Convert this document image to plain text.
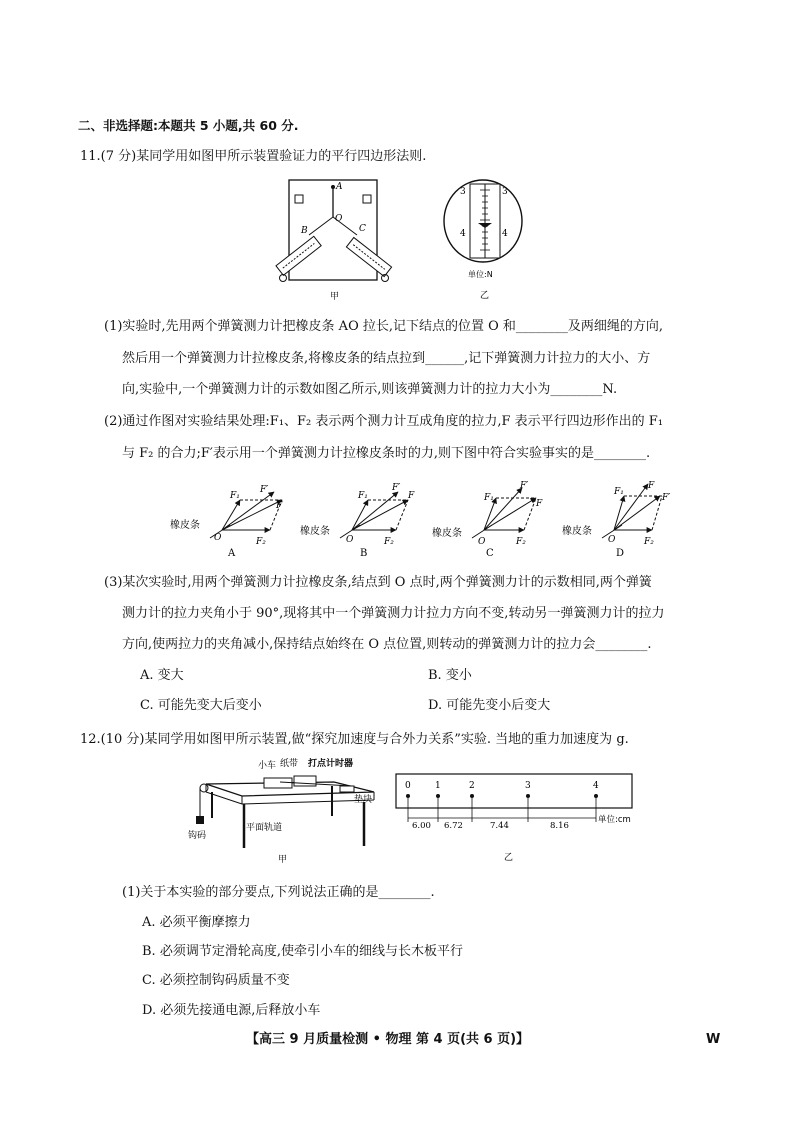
二、非选择题:本题共 5 小题,共 60 分.
11.(7 分)某同学用如图甲所示装置验证力的平行四边形法则.
A
O
B	C
甲
3	3
4	4
单位:N
乙
(1)实验时,先用两个弹簧测力计把橡皮条 AO 拉长,记下结点的位置 O 和________及两细绳的方向,
然后用一个弹簧测力计拉橡皮条,将橡皮条的结点拉到______,记下弹簧测力计拉力的大小、方
向,实验中,一个弹簧测力计的示数如图乙所示,则该弹簧测力计的拉力大小为________N.
(2)通过作图对实验结果处理:F₁、F₂ 表示两个测力计互成角度的拉力,F 表示平行四边形作出的 F₁
与 F₂ 的合力;F′表示用一个弹簧测力计拉橡皮条时的力,则下图中符合实验事实的是________.
橡皮条
F₁
F′
F
O	F₂
A
橡皮条
F₁
F′
F
O	F₂
B
橡皮条
F₁
F′
F
O	F₂
C
橡皮条
F₁
F
F′
O	F₂
D
(3)某次实验时,用两个弹簧测力计拉橡皮条,结点到 O 点时,两个弹簧测力计的示数相同,两个弹簧
测力计的拉力夹角小于 90°,现将其中一个弹簧测力计拉力方向不变,转动另一弹簧测力计的拉力
方向,使两拉力的夹角减小,保持结点始终在 O 点位置,则转动的弹簧测力计的拉力会________.
A. 变大	B. 变小
C. 可能先变大后变小	D. 可能先变小后变大
12.(10 分)某同学用如图甲所示装置,做“探究加速度与合外力关系”实验. 当地的重力加速度为 g.
小车 纸带 打点计时器
垫块
平面轨道
钩码
甲
0	1	2	3	4
6.00 6.72	7.44	8.16
单位:cm
乙
(1)关于本实验的部分要点,下列说法正确的是________.
A. 必须平衡摩擦力
B. 必须调节定滑轮高度,使牵引小车的细线与长木板平行
C. 必须控制钩码质量不变
D. 必须先接通电源,后释放小车
【高三 9 月质量检测 • 物理 第 4 页(共 6 页)】	W
